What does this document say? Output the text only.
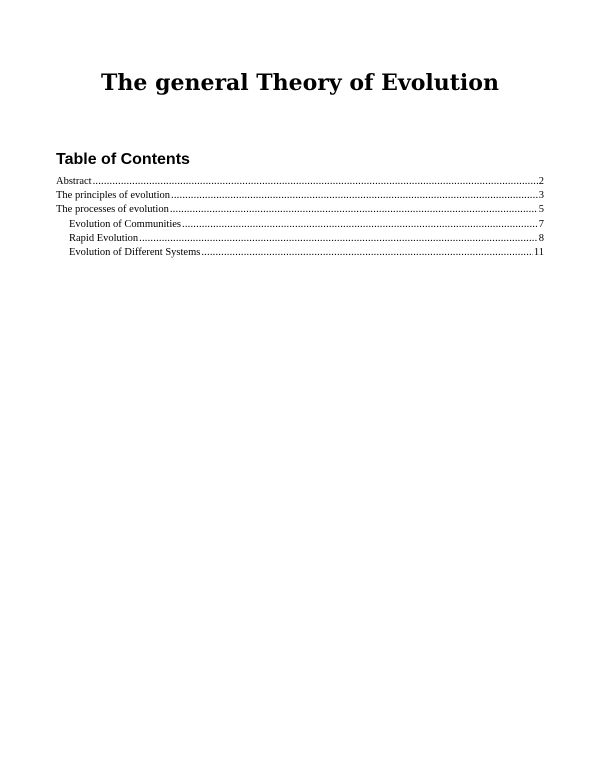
The general Theory of Evolution
Table of Contents
Abstract .....	2
The principles of evolution .....	3
The processes of evolution .....	5
Evolution of Communities .....	7
Rapid Evolution .....	8
Evolution of Different Systems .....	11
